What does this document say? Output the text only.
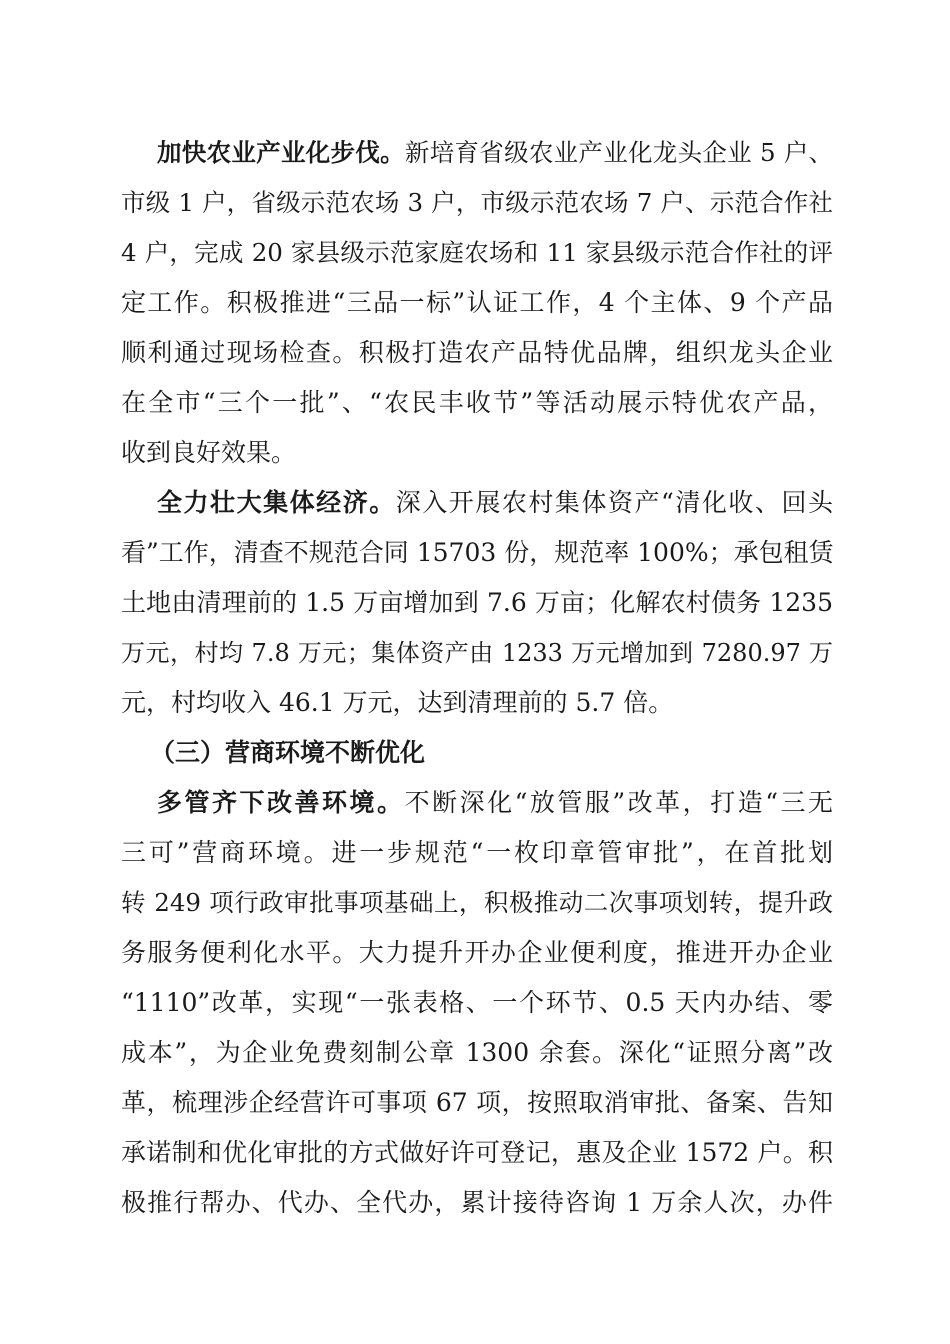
加快农业产业化步伐。新培育省级农业产业化龙头企业 5 户、
市级 1 户，省级示范农场 3 户，市级示范农场 7 户、示范合作社
4 户，完成 20 家县级示范家庭农场和 11 家县级示范合作社的评
定工作。积极推进“三品一标”认证工作，4 个主体、9 个产品
顺利通过现场检查。积极打造农产品特优品牌，组织龙头企业
在全市“三个一批”、“农民丰收节”等活动展示特优农产品，
收到良好效果。
全力壮大集体经济。深入开展农村集体资产“清化收、回头
看”工作，清查不规范合同 15703 份，规范率 100%；承包租赁
土地由清理前的 1.5 万亩增加到 7.6 万亩；化解农村债务 1235
万元，村均 7.8 万元；集体资产由 1233 万元增加到 7280.97 万
元，村均收入 46.1 万元，达到清理前的 5.7 倍。
（三）营商环境不断优化
多管齐下改善环境。不断深化“放管服”改革，打造“三无
三可”营商环境。进一步规范“一枚印章管审批”，在首批划
转 249 项行政审批事项基础上，积极推动二次事项划转，提升政
务服务便利化水平。大力提升开办企业便利度，推进开办企业
“1110”改革，实现“一张表格、一个环节、0.5 天内办结、零
成本”，为企业免费刻制公章 1300 余套。深化“证照分离”改
革，梳理涉企经营许可事项 67 项，按照取消审批、备案、告知
承诺制和优化审批的方式做好许可登记，惠及企业 1572 户。积
极推行帮办、代办、全代办，累计接待咨询 1 万余人次，办件
